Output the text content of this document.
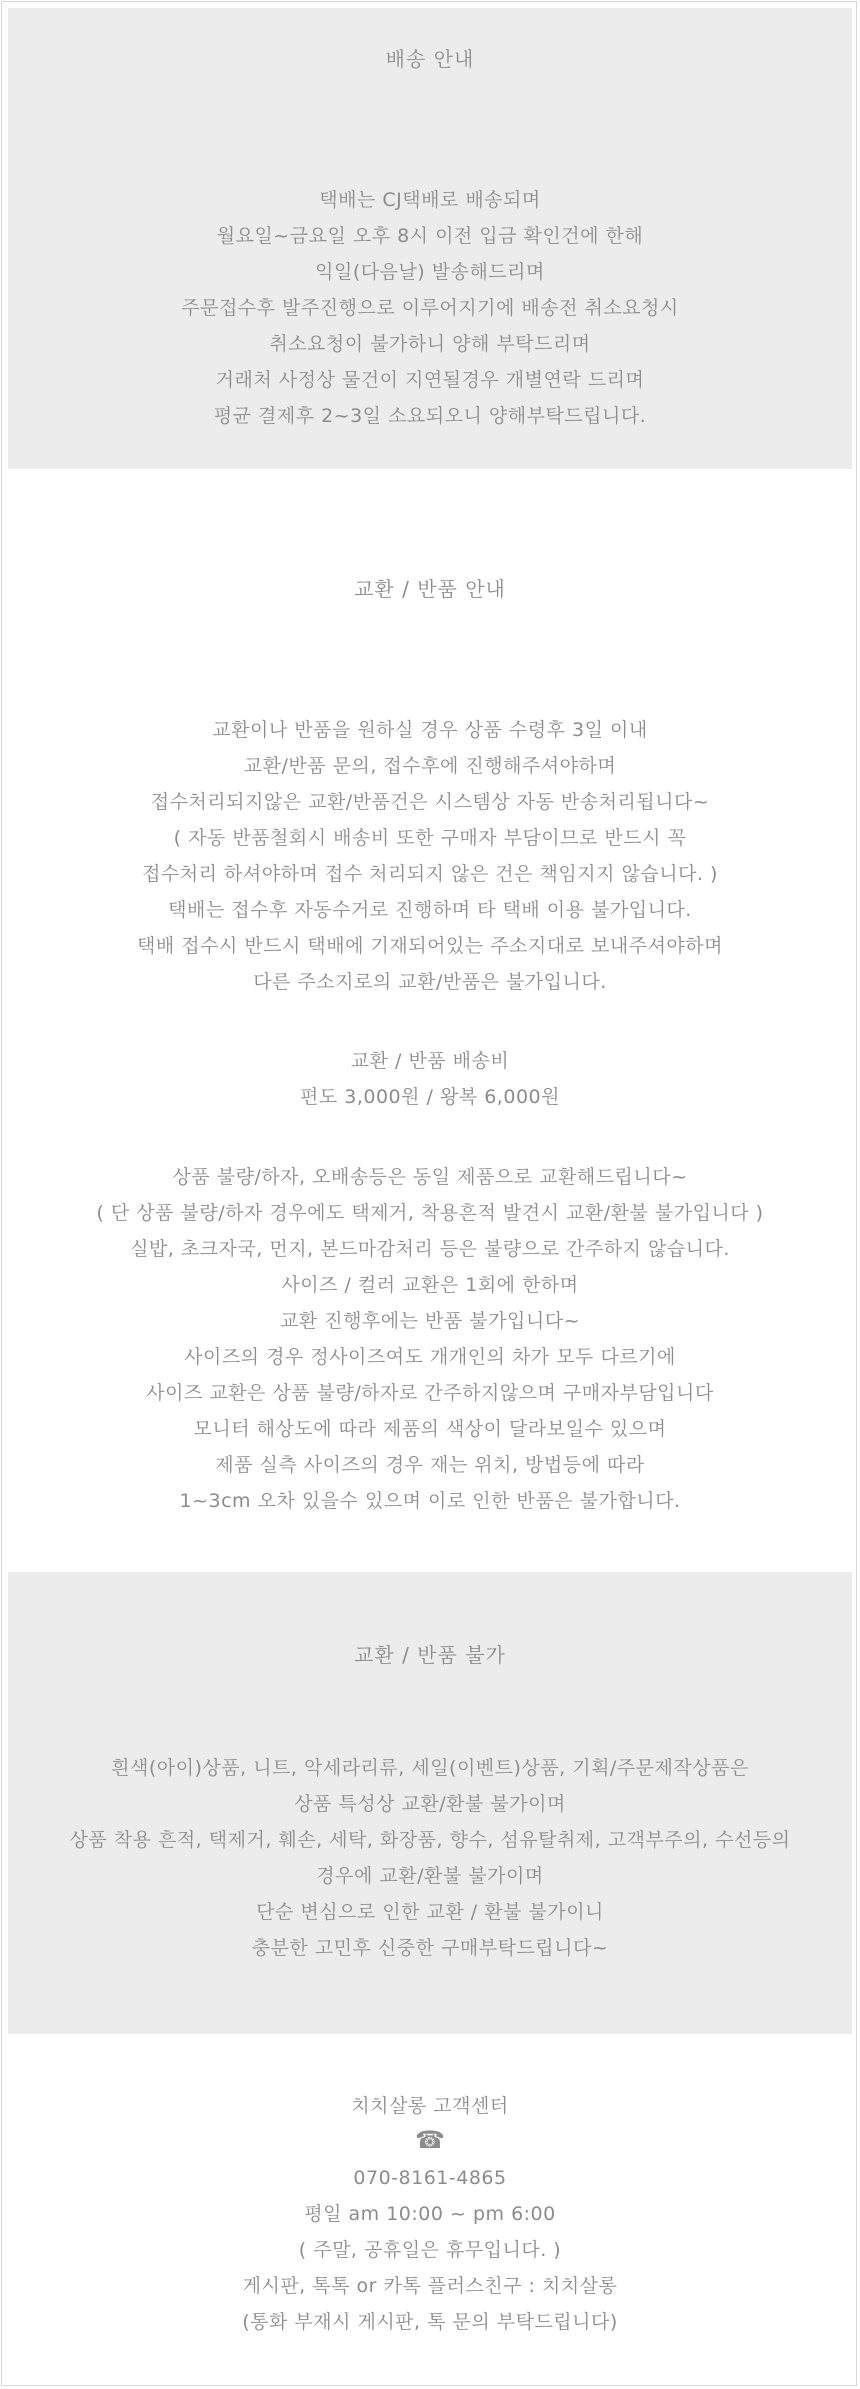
배송 안내
택배는 CJ택배로 배송되며
월요일~금요일 오후 8시 이전 입금 확인건에 한해
익일(다음날) 발송해드리며
주문접수후 발주진행으로 이루어지기에 배송전 취소요청시
취소요청이 불가하니 양해 부탁드리며
거래처 사정상 물건이 지연될경우 개별연락 드리며
평균 결제후 2~3일 소요되오니 양해부탁드립니다.
교환 / 반품 안내
교환이나 반품을 원하실 경우 상품 수령후 3일 이내
교환/반품 문의, 접수후에 진행해주셔야하며
접수처리되지않은 교환/반품건은 시스템상 자동 반송처리됩니다~
( 자동 반품철회시 배송비 또한 구매자 부담이므로 반드시 꼭
접수처리 하셔야하며 접수 처리되지 않은 건은 책임지지 않습니다. )
택배는 접수후 자동수거로 진행하며 타 택배 이용 불가입니다.
택배 접수시 반드시 택배에 기재되어있는 주소지대로 보내주셔야하며
다른 주소지로의 교환/반품은 불가입니다.
교환 / 반품 배송비
편도 3,000원 / 왕복 6,000원
상품 불량/하자, 오배송등은 동일 제품으로 교환해드립니다~
( 단 상품 불량/하자 경우에도 택제거, 착용흔적 발견시 교환/환불 불가입니다 )
실밥, 초크자국, 먼지, 본드마감처리 등은 불량으로 간주하지 않습니다.
사이즈 / 컬러 교환은 1회에 한하며
교환 진행후에는 반품 불가입니다~
사이즈의 경우 정사이즈여도 개개인의 차가 모두 다르기에
사이즈 교환은 상품 불량/하자로 간주하지않으며 구매자부담입니다
모니터 해상도에 따라 제품의 색상이 달라보일수 있으며
제품 실측 사이즈의 경우 재는 위치, 방법등에 따라
1~3cm 오차 있을수 있으며 이로 인한 반품은 불가합니다.
교환 / 반품 불가
흰색(아이)상품, 니트, 악세라리류, 세일(이벤트)상품, 기획/주문제작상품은
상품 특성상 교환/환불 불가이며
상품 착용 흔적, 택제거, 훼손, 세탁, 화장품, 향수, 섬유탈취제, 고객부주의, 수선등의
경우에 교환/환불 불가이며
단순 변심으로 인한 교환 / 환불 불가이니
충분한 고민후 신중한 구매부탁드립니다~
치치살롱 고객센터
☎
070-8161-4865
평일 am 10:00 ~ pm 6:00
( 주말, 공휴일은 휴무입니다. )
게시판, 톡톡 or 카톡 플러스친구 : 치치살롱
(통화 부재시 게시판, 톡 문의 부탁드립니다)
